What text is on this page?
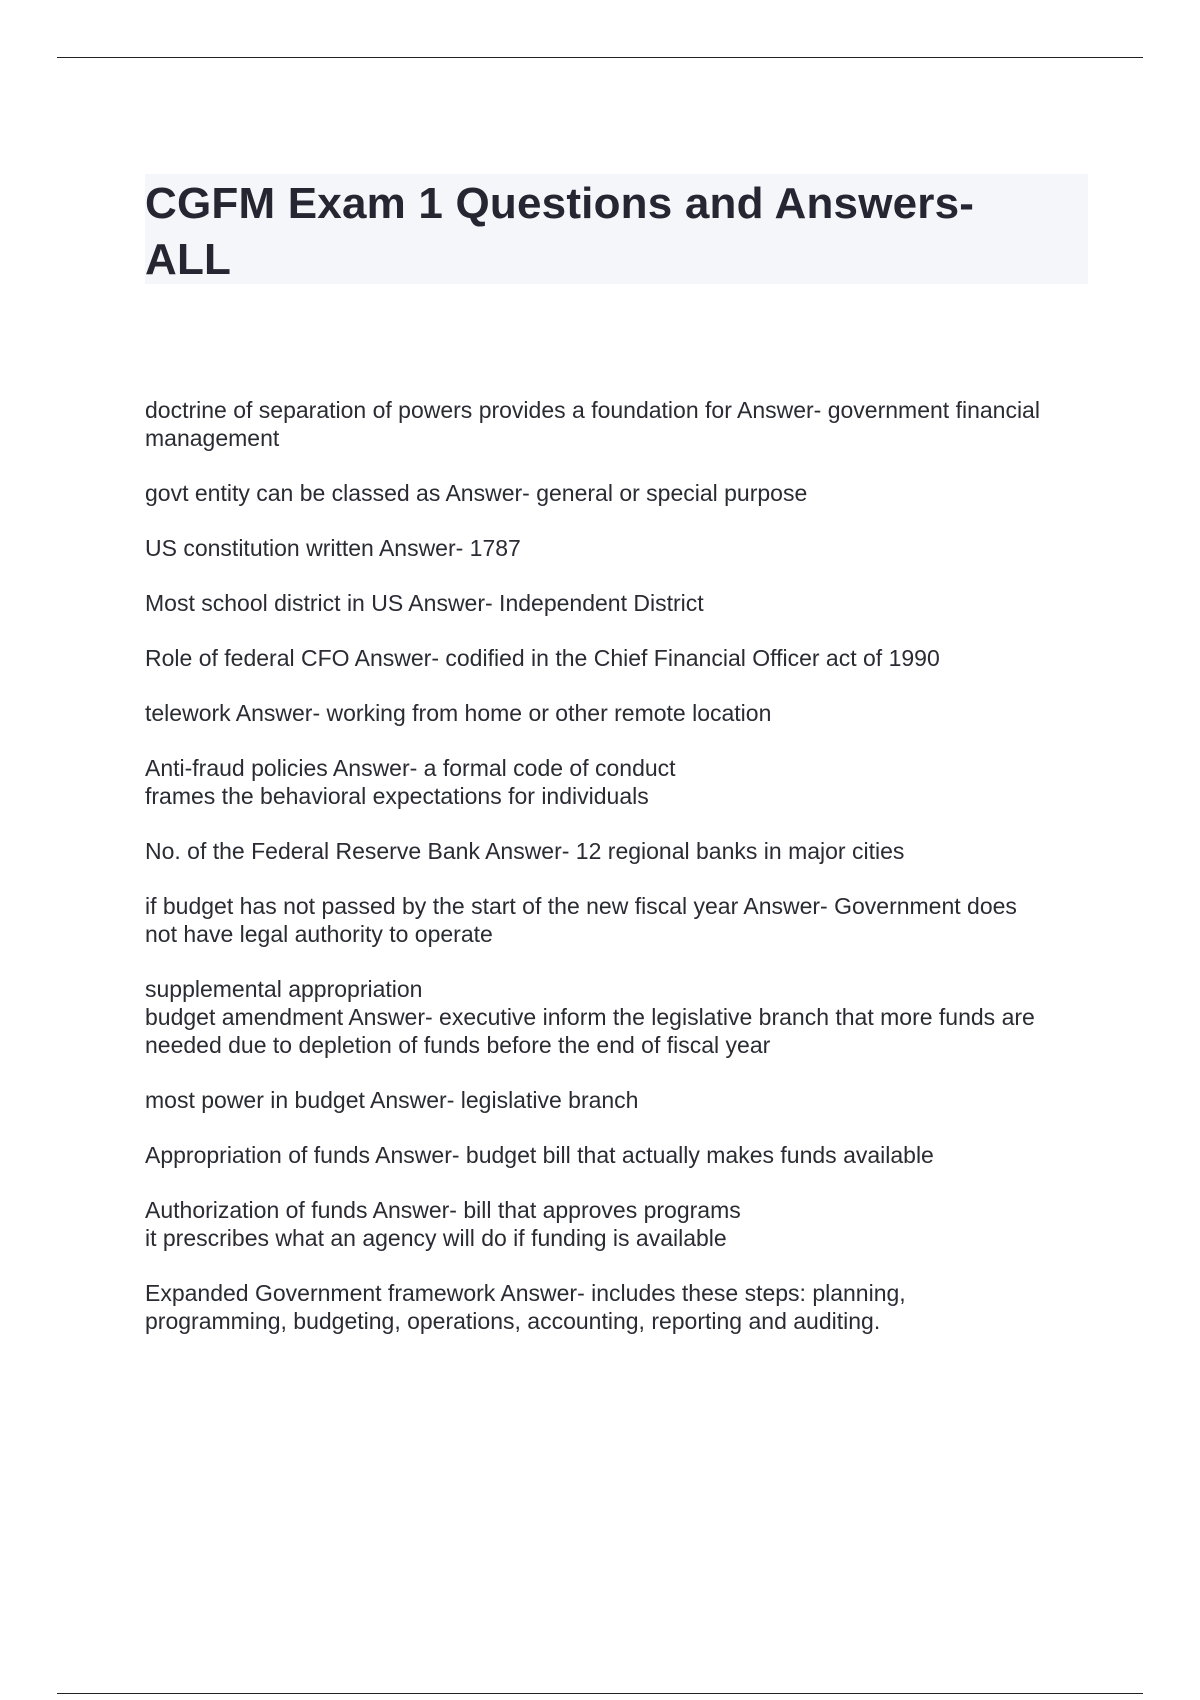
CGFM Exam 1 Questions and Answers-
ALL
doctrine of separation of powers provides a foundation for Answer- government financial
management
govt entity can be classed as Answer- general or special purpose
US constitution written Answer- 1787
Most school district in US Answer- Independent District
Role of federal CFO Answer- codified in the Chief Financial Officer act of 1990
telework Answer- working from home or other remote location
Anti-fraud policies Answer- a formal code of conduct
frames the behavioral expectations for individuals
No. of the Federal Reserve Bank Answer- 12 regional banks in major cities
if budget has not passed by the start of the new fiscal year Answer- Government does
not have legal authority to operate
supplemental appropriation
budget amendment Answer- executive inform the legislative branch that more funds are
needed due to depletion of funds before the end of fiscal year
most power in budget Answer- legislative branch
Appropriation of funds Answer- budget bill that actually makes funds available
Authorization of funds Answer- bill that approves programs
it prescribes what an agency will do if funding is available
Expanded Government framework Answer- includes these steps: planning,
programming, budgeting, operations, accounting, reporting and auditing.
